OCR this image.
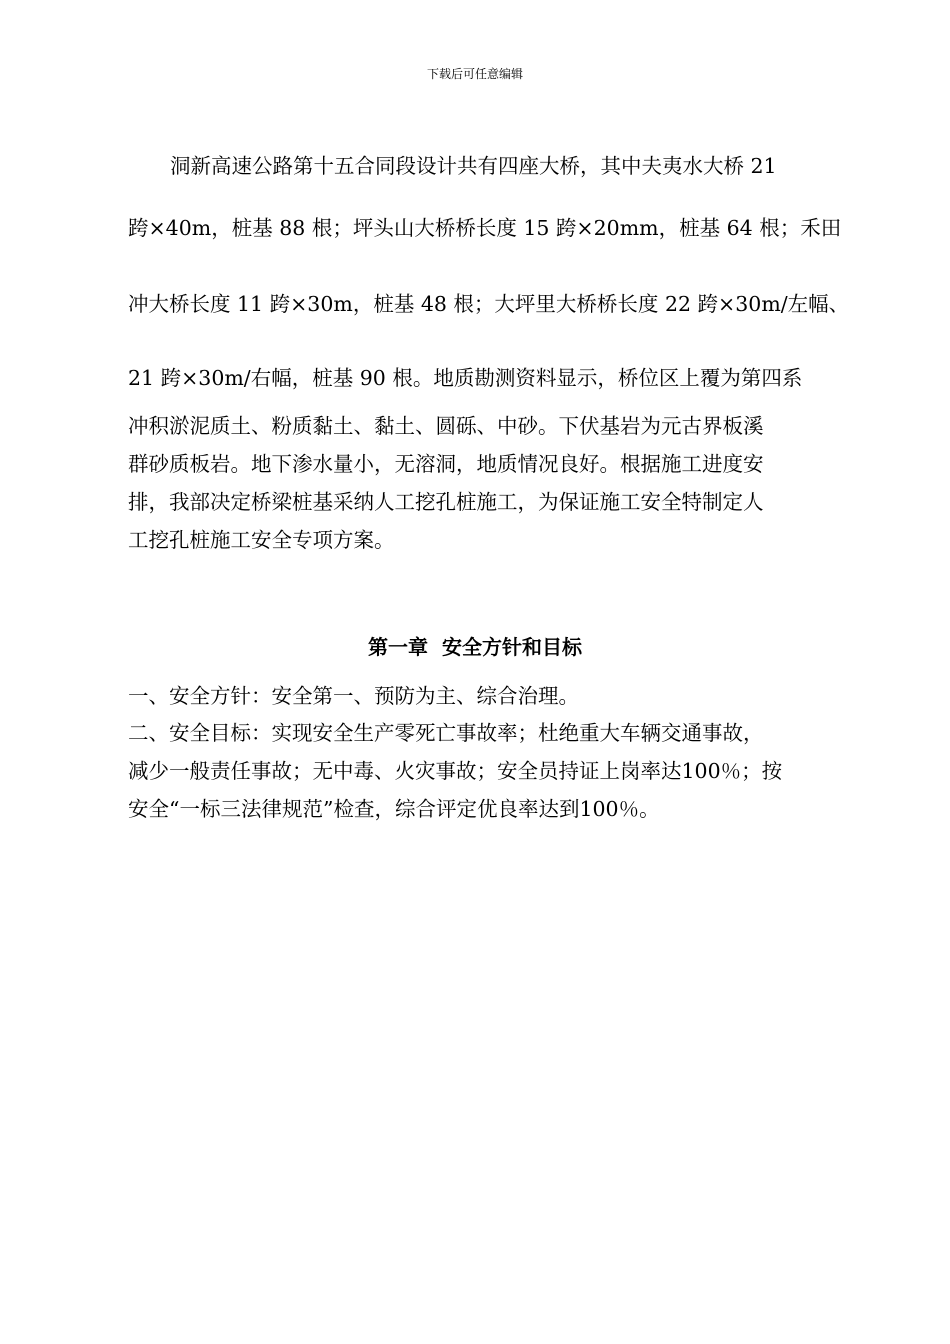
下载后可任意编辑
洞新高速公路第十五合同段设计共有四座大桥，其中夫夷水大桥 21
跨×40m，桩基 88 根；坪头山大桥桥长度 15 跨×20mm，桩基 64 根；禾田
冲大桥长度 11 跨×30m，桩基 48 根；大坪里大桥桥长度 22 跨×30m/左幅、
21 跨×30m/右幅，桩基 90 根。地质勘测资料显示，桥位区上覆为第四系
冲积淤泥质土、粉质黏土、黏土、圆砾、中砂。下伏基岩为元古界板溪
群砂质板岩。地下渗水量小，无溶洞，地质情况良好。根据施工进度安
排，我部决定桥梁桩基采纳人工挖孔桩施工，为保证施工安全特制定人
工挖孔桩施工安全专项方案。
第一章  安全方针和目标
一、安全方针：安全第一、预防为主、综合治理。
二、安全目标：实现安全生产零死亡事故率；杜绝重大车辆交通事故，
减少一般责任事故；无中毒、火灾事故；安全员持证上岗率达100％；按
安全“一标三法律规范”检查，综合评定优良率达到100％。
